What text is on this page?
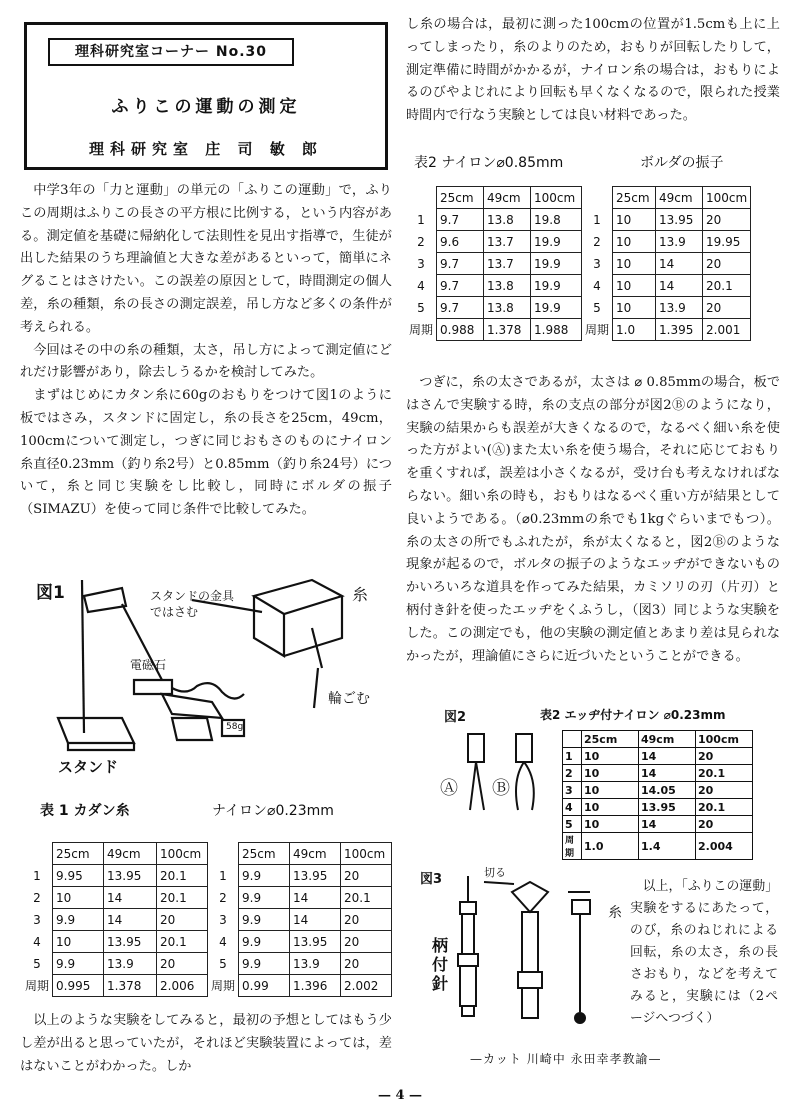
理科研究室コーナー No.30
ふりこの運動の測定
理科研究室 庄 司 敏 郎

中学3年の「力と運動」の単元の「ふりこの運動」で，ふりこの周期はふりこの長さの平方根に比例する，という内容がある。測定値を基礎に帰納化して法則性を見出す指導で，生徒が出した結果のうち理論値と大きな差があるといって，簡単にネグることはさけたい。この誤差の原因として，時間測定の個人差，糸の種類，糸の長さの測定誤差，吊し方など多くの条件が考えられる。

今回はその中の糸の種類，太さ，吊し方によって測定値にどれだけ影響があり，除去しうるかを検討してみた。

まずはじめにカタン糸に60gのおもりをつけて図1のように板ではさみ，スタンドに固定し，糸の長さを25cm，49cm，100cmについて測定し，つぎに同じおもさのものにナイロン糸直径0.23mm（釣り糸2号）と0.85mm（釣り糸24号）について，糸と同じ実験をし比較し，同時にボルダの振子（SIMAZU）を使って同じ条件で比較してみた。

図1
スタンド
スタンドの金具ではさむ
糸
電磁石
輪ごむ
58g
表 1 カダン糸	ナイロン⌀0.23mm
	25cm	49cm	100cm		25cm	49cm	100cm
1	9.95	13.95	20.1	1	9.9	13.95	20
2	10	14	20.1	2	9.9	14	20.1
3	9.9	14	20	3	9.9	14	20
4	10	13.95	20.1	4	9.9	13.95	20
5	9.9	13.9	20	5	9.9	13.9	20
周期	0.995	1.378	2.006	周期	0.99	1.396	2.002

以上のような実験をしてみると，最初の予想としてはもう少し差が出ると思っていたが，それほど実験装置によっては，差はないことがわかった。しか

し糸の場合は，最初に測った100cmの位置が1.5cmも上に上ってしまったり，糸のよりのため，おもりが回転したりして，測定準備に時間がかかるが，ナイロン糸の場合は，おもりによるのびやよじれにより回転も早くなくなるので，限られた授業時間内で行なう実験としては良い材料であった。

表2 ナイロン⌀0.85mm	ボルダの振子
	25cm	49cm	100cm		25cm	49cm	100cm
1	9.7	13.8	19.8	1	10	13.95	20
2	9.6	13.7	19.9	2	10	13.9	19.95
3	9.7	13.7	19.9	3	10	14	20
4	9.7	13.8	19.9	4	10	14	20.1
5	9.7	13.8	19.9	5	10	13.9	20
周期	0.988	1.378	1.988	周期	1.0	1.395	2.001

つぎに，糸の太さであるが，太さは ⌀ 0.85mmの場合，板ではさんで実験する時，糸の支点の部分が図2Ⓑのようになり，実験の結果からも誤差が大きくなるので，なるべく細い糸を使った方がよい(Ⓐ)また太い糸を使う場合，それに応じておもりを重くすれば，誤差は小さくなるが，受け台も考えなければならない。細い糸の時も，おもりはなるべく重い方が結果として良いようである。（⌀0.23mmの糸でも1kgぐらいまでもつ）。糸の太さの所でもふれたが，糸が太くなると，図2Ⓑのような現象が起るので，ボルタの振子のようなエッヂができないものかいろいろな道具を作ってみた結果，カミソリの刃（片刃）と柄付き針を使ったエッヂをくふうし，（図3）同じような実験をした。この測定でも，他の実験の測定値とあまり差は見られなかったが，理論値にさらに近づいたということができる。

図2
Ⓐ Ⓑ
表2 エッヂ付ナイロン ⌀0.23mm
	25cm	49cm	100cm
1	10	14	20
2	10	14	20.1
3	10	14.05	20
4	10	13.95	20.1
5	10	14	20
周期	1.0	1.4	2.004
図3	切る
柄付針
糸

以上，「ふりこの運動」実験をするにあたって，のび，糸のねじれによる回転，糸の太さ，糸の長さおもり，などを考えてみると，実験には（2ページへつづく）

—カット 川崎中 永田幸孝教諭—
— 4 —
